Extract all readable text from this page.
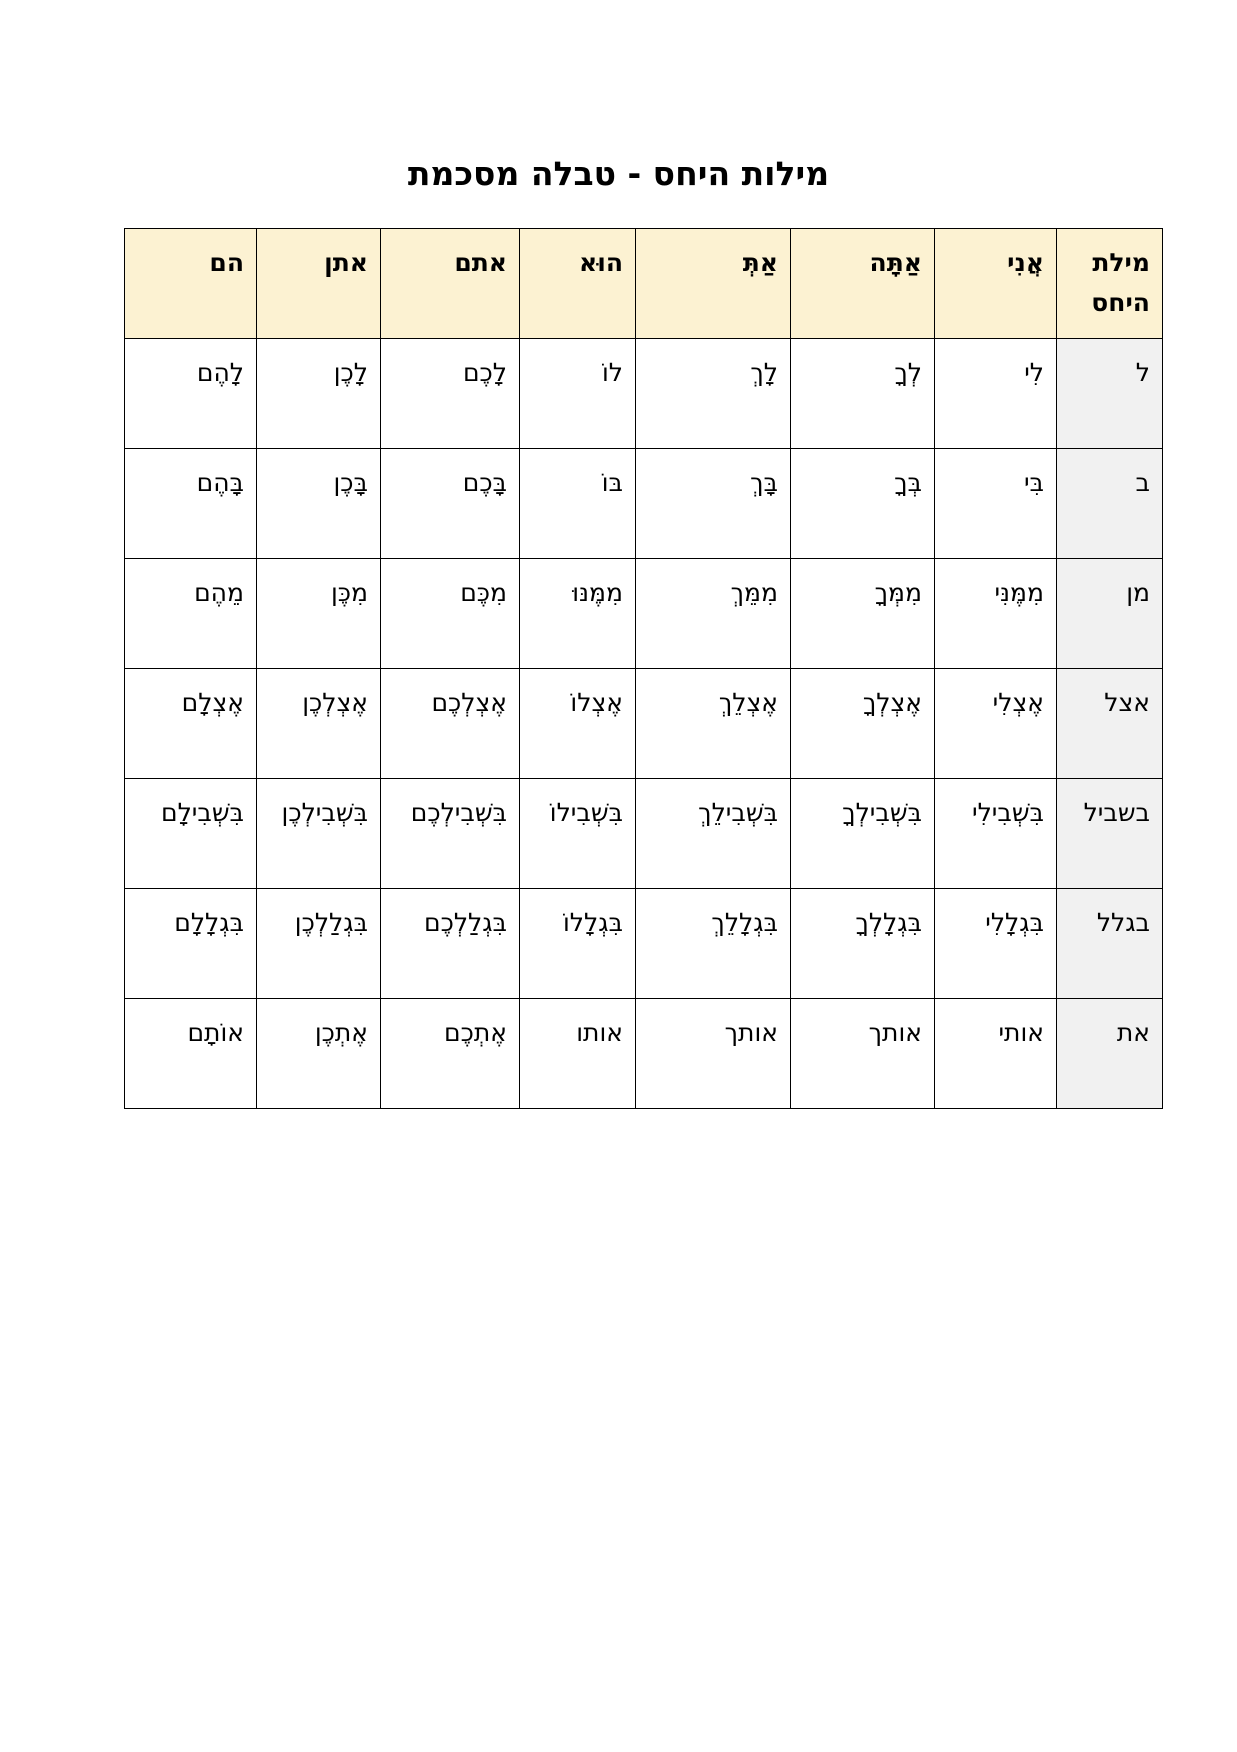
מילות היחס - טבלה מסכמת
מילת היחס	אֲנִי	אַתָּה	אַתְּ	הוּא	אתם	אתן	הם
ל	לִי	לְךָ	לָךְ	לוֹ	לָכֶם	לָכֶן	לָהֶם
ב	בִּי	בְּךָ	בָּךְ	בּוֹ	בָּכֶם	בָּכֶן	בָּהֶם
מן	מִמֶּנִּי	מִמְּךָ	מִמֵּךְ	מִמֶּנּוּ	מִכֶּם	מִכֶּן	מֵהֶם
אצל	אֶצְלִי	אֶצְלְךָ	אֶצְלֵךְ	אֶצְלוֹ	אֶצְלְכֶם	אֶצְלְכֶן	אֶצְלָם
בשביל	בִּשְׁבִילִי	בִּשְׁבִילְךָ	בִּשְׁבִילֵךְ	בִּשְׁבִילוֹ	בִּשְׁבִילְכֶם	בִּשְׁבִילְכֶן	בִּשְׁבִילָם
בגלל	בִּגְלָלִי	בִּגְלָלְךָ	בִּגְלָלֵךְ	בִּגְלָלוֹ	בִּגְלַלְכֶם	בִּגְלַלְכֶן	בִּגְלָלָם
את	אותי	אותך	אותך	אותו	אֶתְכֶם	אֶתְכֶן	אוֹתָם
